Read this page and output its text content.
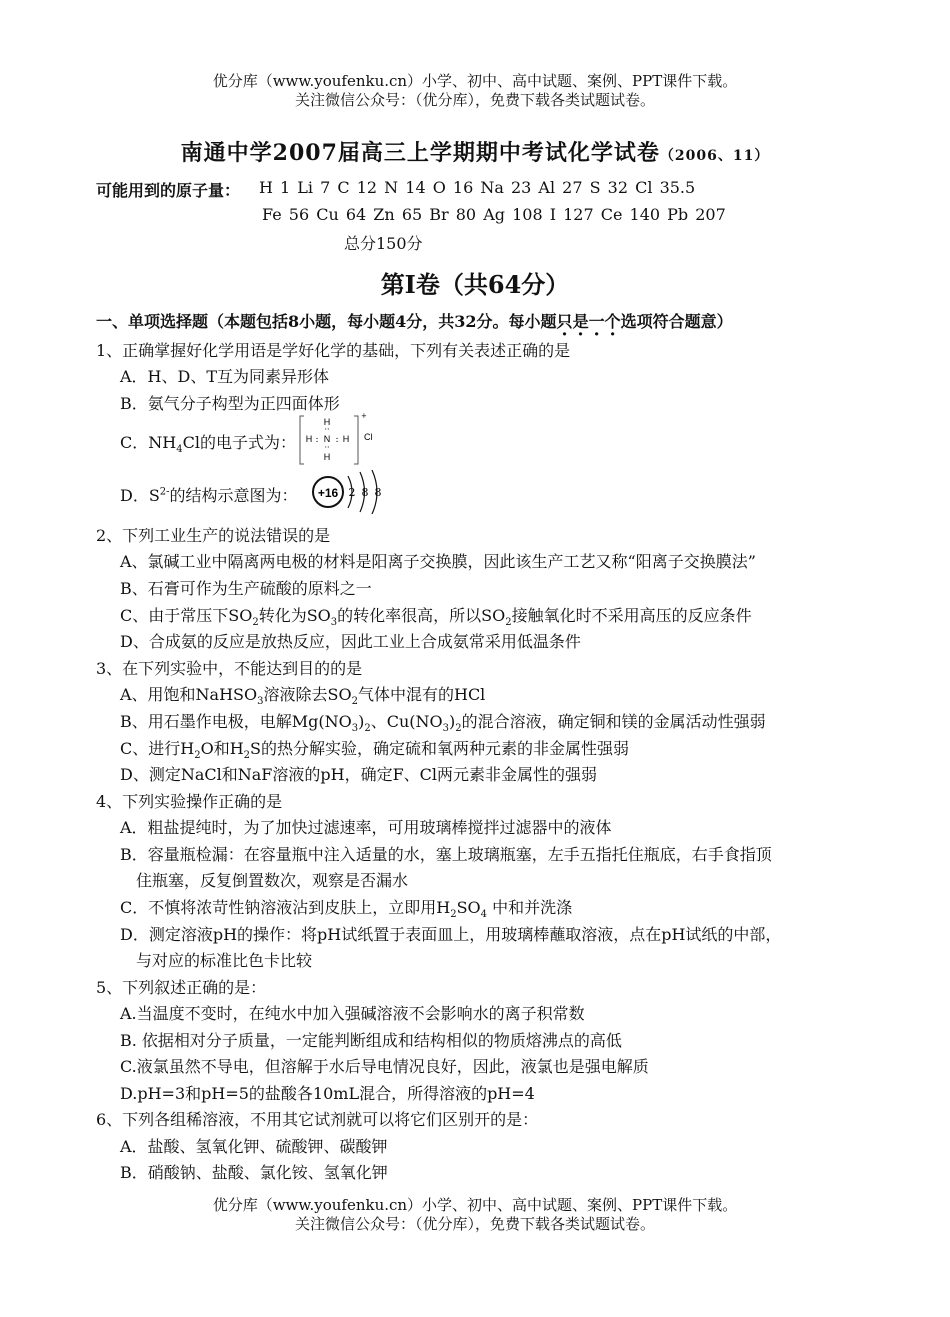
优分库（www.youfenku.cn）小学、初中、高中试题、案例、PPT课件下载。
关注微信公众号：（优分库），免费下载各类试题试卷。
南通中学2007届高三上学期期中考试化学试卷（2006、11）
可能用到的原子量： H 1 Li 7 C 12 N 14 O 16 Na 23 Al 27 S 32 Cl 35.5
Fe 56 Cu 64 Zn 65 Br 80 Ag 108 I 127 Ce 140 Pb 207
总分150分
第Ⅰ卷（共64分）
一、单项选择题（本题包括8小题，每小题4分，共32分。每小题只是一个选项符合题意）
1、正确掌握好化学用语是学好化学的基础，下列有关表述正确的是
A．H、D、T互为同素异形体
B．氨气分子构型为正四面体形
C．$NH_4Cl$的电子式为：
H
··
H : N : H
··
H
+
Cl
D．$S^{2-}$的结构示意图为： +16 2 8 8
2、下列工业生产的说法错误的是
A、氯碱工业中隔离两电极的材料是阳离子交换膜，因此该生产工艺又称“阳离子交换膜法”
B、石膏可作为生产硫酸的原料之一
C、由于常压下$SO_2$转化为$SO_3$的转化率很高，所以$SO_2$接触氧化时不采用高压的反应条件
D、合成氨的反应是放热反应，因此工业上合成氨常采用低温条件
3、在下列实验中，不能达到目的的是
A、用饱和NaHSO$_3$溶液除去$SO_2$气体中混有的HCl
B、用石墨作电极，电解$Mg(NO_3)_2$、$Cu(NO_3)_2$的混合溶液，确定铜和镁的金属活动性强弱
C、进行$H_2O$和$H_2S$的热分解实验，确定硫和氧两种元素的非金属性强弱
D、测定NaCl和NaF溶液的pH，确定F、Cl两元素非金属性的强弱
4、下列实验操作正确的是
A．粗盐提纯时，为了加快过滤速率，可用玻璃棒搅拌过滤器中的液体
B．容量瓶检漏：在容量瓶中注入适量的水，塞上玻璃瓶塞，左手五指托住瓶底，右手食指顶
住瓶塞，反复倒置数次，观察是否漏水
C．不慎将浓苛性钠溶液沾到皮肤上，立即用$H_2SO_4$ 中和并洗涤
D．测定溶液pH的操作：将pH试纸置于表面皿上，用玻璃棒蘸取溶液，点在pH试纸的中部，
与对应的标准比色卡比较
5、下列叙述正确的是：
A.当温度不变时，在纯水中加入强碱溶液不会影响水的离子积常数
B. 依据相对分子质量，一定能判断组成和结构相似的物质熔沸点的高低
C.液氯虽然不导电，但溶解于水后导电情况良好，因此，液氯也是强电解质
D.pH=3和pH=5的盐酸各10mL混合，所得溶液的pH=4
6、下列各组稀溶液，不用其它试剂就可以将它们区别开的是：
A．盐酸、氢氧化钾、硫酸钾、碳酸钾
B．硝酸钠、盐酸、氯化铵、氢氧化钾
优分库（www.youfenku.cn）小学、初中、高中试题、案例、PPT课件下载。
关注微信公众号：（优分库），免费下载各类试题试卷。
